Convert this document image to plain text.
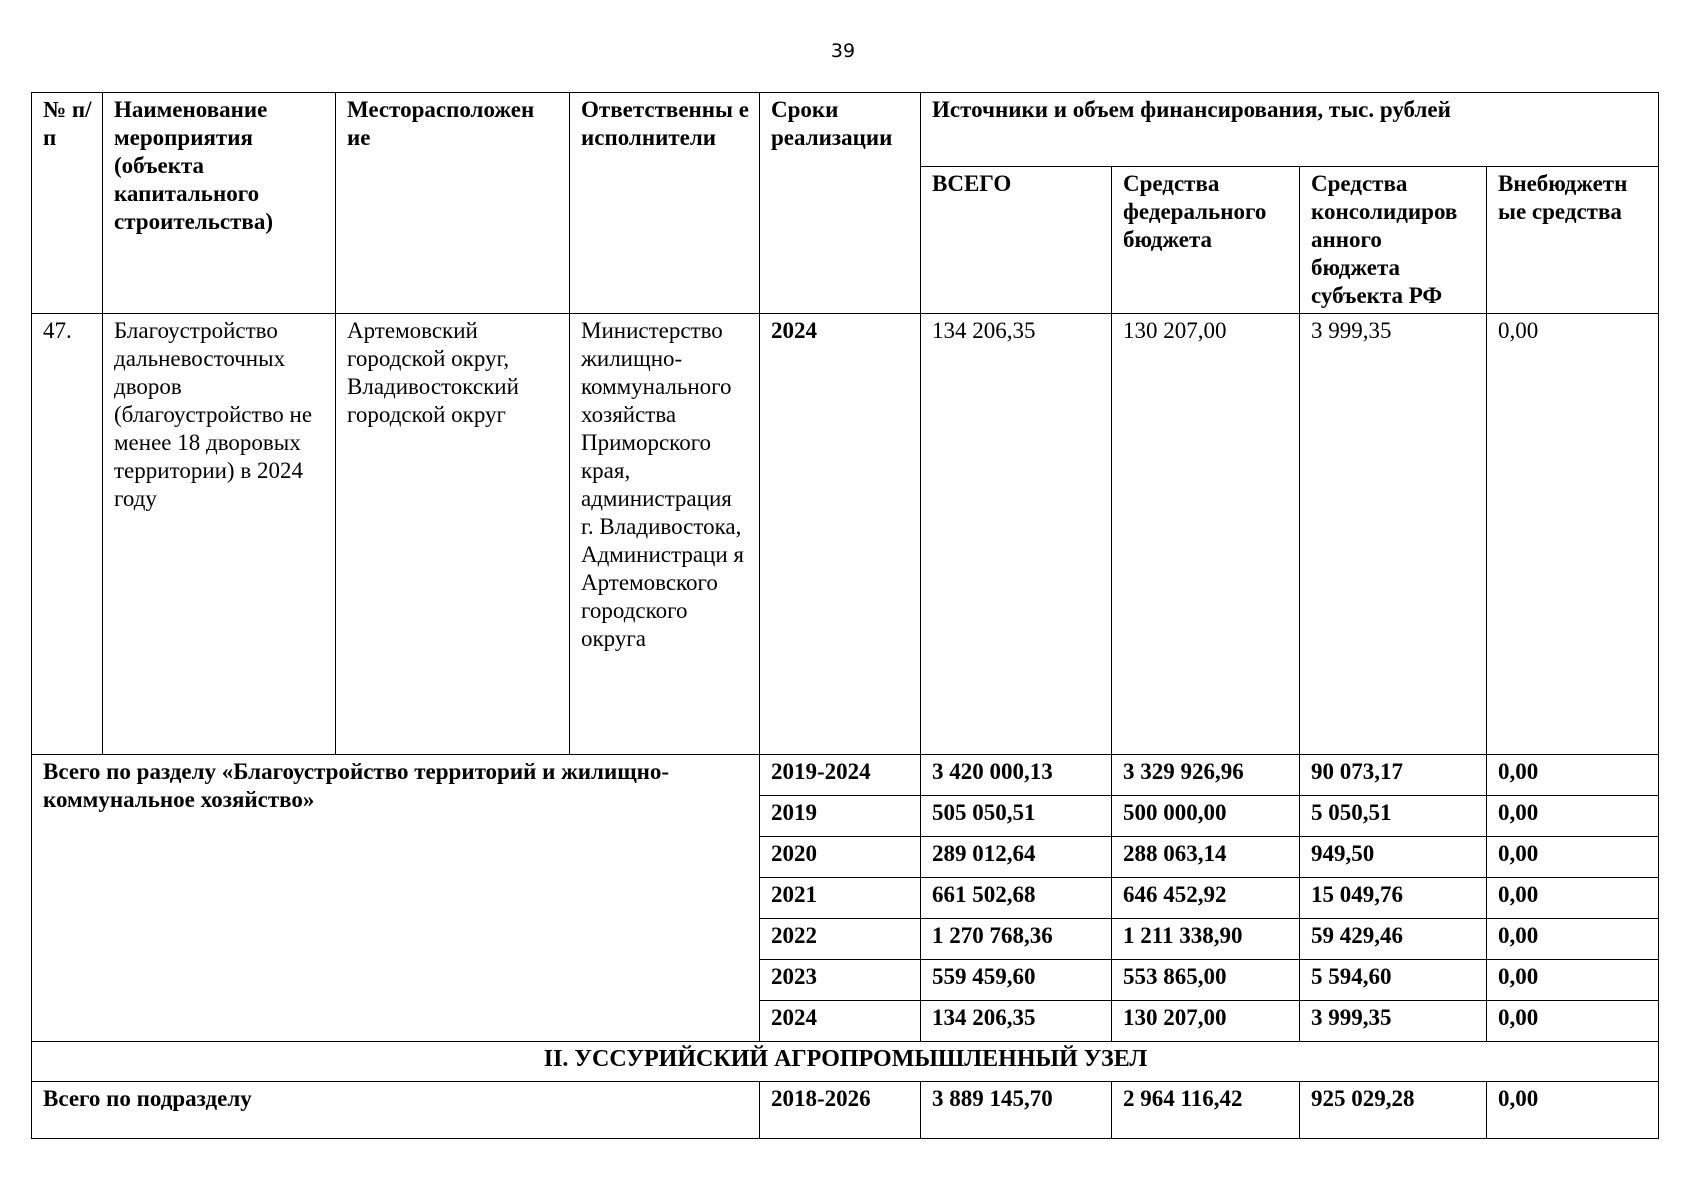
39
№ п/п	Наименование мероприятия (объекта капитального строительства)	Месторасположен ие	Ответственны е исполнители	Сроки реализации	Источники и объем финансирования, тыс. рублей			
					ВСЕГО	Средства федерального бюджета	Средства консолидиров анного бюджета субъекта РФ	Внебюджетн ые средства
47.	Благоустройство дальневосточных дворов (благоустройство не менее 18 дворовых территории) в 2024 году	Артемовский городской округ, Владивостокский городской округ	Министерство жилищно-коммунального хозяйства Приморского края, администрация г. Владивостока, Администраци я Артемовского городского округа	2024	134 206,35	130 207,00	3 999,35	0,00
Всего по разделу «Благоустройство территорий и жилищно-коммунальное хозяйство»				2019-2024	3 420 000,13	3 329 926,96	90 073,17	0,00
				2019	505 050,51	500 000,00	5 050,51	0,00
				2020	289 012,64	288 063,14	949,50	0,00
				2021	661 502,68	646 452,92	15 049,76	0,00
				2022	1 270 768,36	1 211 338,90	59 429,46	0,00
				2023	559 459,60	553 865,00	5 594,60	0,00
				2024	134 206,35	130 207,00	3 999,35	0,00
II. УССУРИЙСКИЙ АГРОПРОМЫШЛЕННЫЙ УЗЕЛ								
Всего по подразделу				2018-2026	3 889 145,70	2 964 116,42	925 029,28	0,00
